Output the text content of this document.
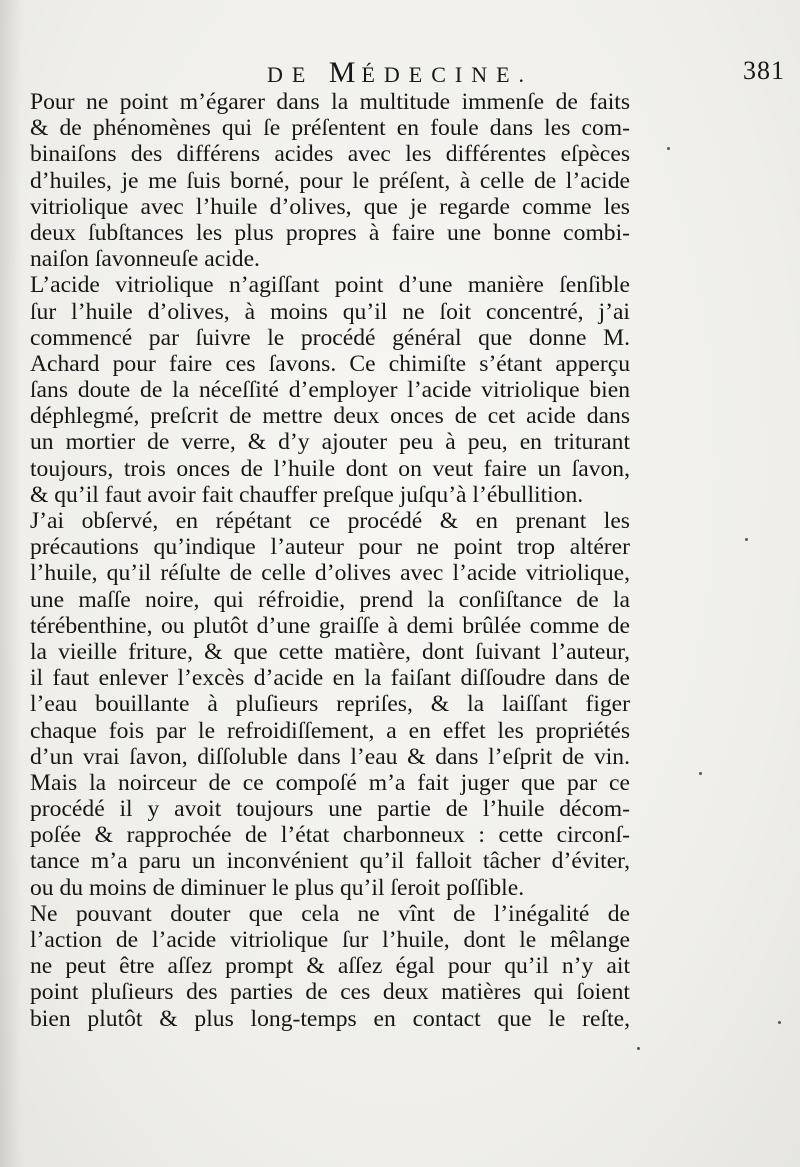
DE MÉDECINE.	381
Pour ne point m’égarer dans la multitude immenſe de faits
& de phénomènes qui ſe préſentent en foule dans les com-
binaiſons des différens acides avec les différentes eſpèces
d’huiles, je me ſuis borné, pour le préſent, à celle de l’acide
vitriolique avec l’huile d’olives, que je regarde comme les
deux ſubſtances les plus propres à faire une bonne combi-
naiſon ſavonneuſe acide.
L’acide vitriolique n’agiſſant point d’une manière ſenſible
ſur l’huile d’olives, à moins qu’il ne ſoit concentré, j’ai
commencé par ſuivre le procédé général que donne M.
Achard pour faire ces ſavons. Ce chimiſte s’étant apperçu
ſans doute de la néceſſité d’employer l’acide vitriolique bien
déphlegmé, preſcrit de mettre deux onces de cet acide dans
un mortier de verre, & d’y ajouter peu à peu, en triturant
toujours, trois onces de l’huile dont on veut faire un ſavon,
& qu’il faut avoir fait chauffer preſque juſqu’à l’ébullition.
J’ai obſervé, en répétant ce procédé & en prenant les
précautions qu’indique l’auteur pour ne point trop altérer
l’huile, qu’il réſulte de celle d’olives avec l’acide vitriolique,
une maſſe noire, qui réfroidie, prend la conſiſtance de la
térébenthine, ou plutôt d’une graiſſe à demi brûlée comme de
la vieille friture, & que cette matière, dont ſuivant l’auteur,
il faut enlever l’excès d’acide en la faiſant diſſoudre dans de
l’eau bouillante à pluſieurs repriſes, & la laiſſant figer
chaque fois par le refroidiſſement, a en effet les propriétés
d’un vrai ſavon, diſſoluble dans l’eau & dans l’eſprit de vin.
Mais la noirceur de ce compoſé m’a fait juger que par ce
procédé il y avoit toujours une partie de l’huile décom-
poſée & rapprochée de l’état charbonneux : cette circonſ-
tance m’a paru un inconvénient qu’il falloit tâcher d’éviter,
ou du moins de diminuer le plus qu’il ſeroit poſſible.
Ne pouvant douter que cela ne vînt de l’inégalité de
l’action de l’acide vitriolique ſur l’huile, dont le mêlange
ne peut être aſſez prompt & aſſez égal pour qu’il n’y ait
point pluſieurs des parties de ces deux matières qui ſoient
bien plutôt & plus long-temps en contact que le reſte,
